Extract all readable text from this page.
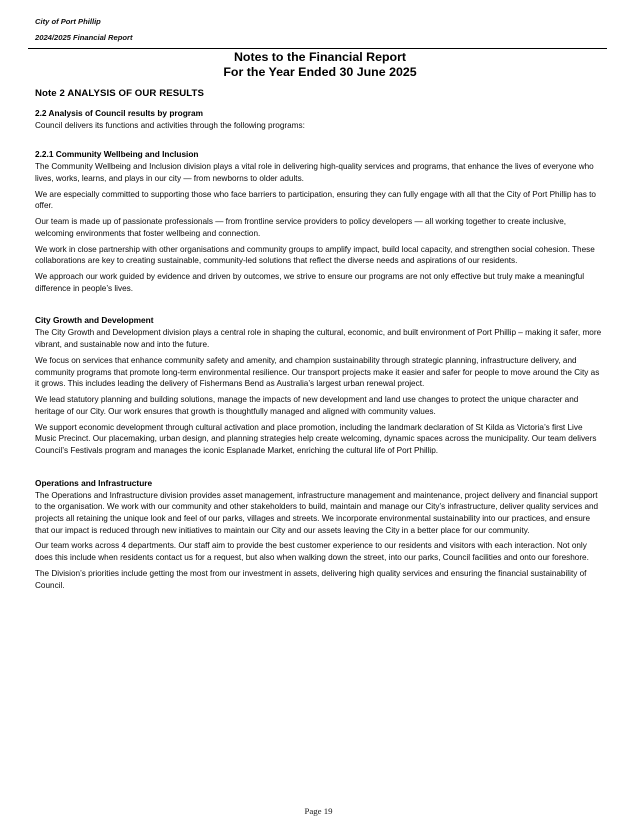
City of Port Phillip
2024/2025 Financial Report
Notes to the Financial Report
For the Year Ended 30 June 2025
Note 2 ANALYSIS OF OUR RESULTS
2.2 Analysis of Council results by program

Council delivers its functions and activities through the following programs:

2.2.1 Community Wellbeing and Inclusion

The Community Wellbeing and Inclusion division plays a vital role in delivering high-quality services and programs, that enhance the lives of everyone who lives, works, learns, and plays in our city — from newborns to older adults.

We are especially committed to supporting those who face barriers to participation, ensuring they can fully engage with all that the City of Port Phillip has to offer.

Our team is made up of passionate professionals — from frontline service providers to policy developers — all working together to create inclusive, welcoming environments that foster wellbeing and connection.

We work in close partnership with other organisations and community groups to amplify impact, build local capacity, and strengthen social cohesion. These collaborations are key to creating sustainable, community-led solutions that reflect the diverse needs and aspirations of our residents.

We approach our work guided by evidence and driven by outcomes, we strive to ensure our programs are not only effective but truly make a meaningful difference in people’s lives.

City Growth and Development

The City Growth and Development division plays a central role in shaping the cultural, economic, and built environment of Port Phillip – making it safer, more vibrant, and sustainable now and into the future.

We focus on services that enhance community safety and amenity, and champion sustainability through strategic planning, infrastructure delivery, and community programs that promote long-term environmental resilience. Our transport projects make it easier and safer for people to move around the City as it grows. This includes leading the delivery of Fishermans Bend as Australia’s largest urban renewal project.

We lead statutory planning and building solutions, manage the impacts of new development and land use changes to protect the unique character and heritage of our City. Our work ensures that growth is thoughtfully managed and aligned with community values.

We support economic development through cultural activation and place promotion, including the landmark declaration of St Kilda as Victoria’s first Live Music Precinct. Our placemaking, urban design, and planning strategies help create welcoming, dynamic spaces across the municipality. Our team delivers Council’s Festivals program and manages the iconic Esplanade Market, enriching the cultural life of Port Phillip.

Operations and Infrastructure

The Operations and Infrastructure division provides asset management, infrastructure management and maintenance, project delivery and financial support to the organisation. We work with our community and other stakeholders to build, maintain and manage our City’s infrastructure, deliver quality services and projects all retaining the unique look and feel of our parks, villages and streets. We incorporate environmental sustainability into our practices, and ensure that our impact is reduced through new initiatives to maintain our City and our assets leaving the City in a better place for our community.

Our team works across 4 departments. Our staff aim to provide the best customer experience to our residents and visitors with each interaction. Not only does this include when residents contact us for a request, but also when walking down the street, into our parks, Council facilities and onto our foreshore.

The Division’s priorities include getting the most from our investment in assets, delivering high quality services and ensuring the financial sustainability of Council.

Page 19
